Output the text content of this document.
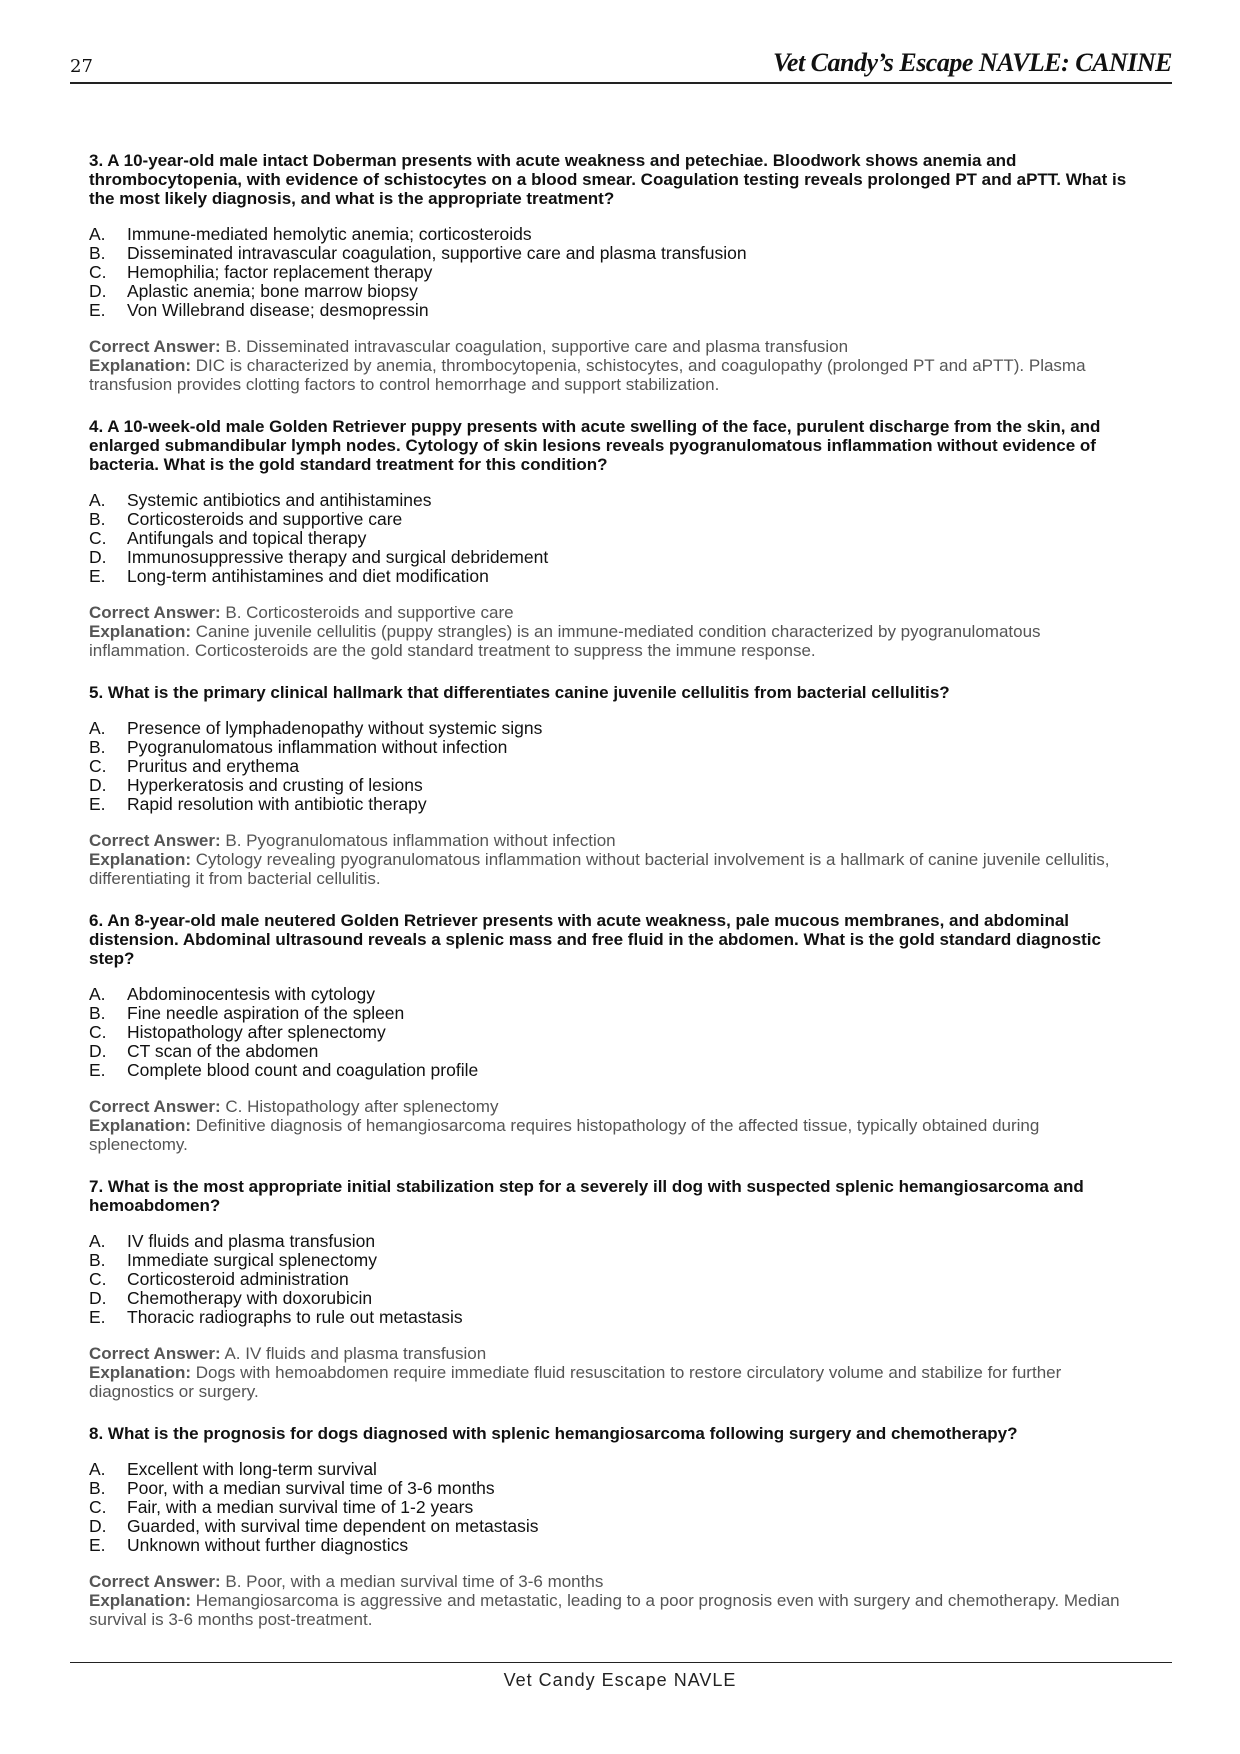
27	Vet Candy’s Escape NAVLE: CANINE

3. A 10-year-old male intact Doberman presents with acute weakness and petechiae. Bloodwork shows anemia and thrombocytopenia, with evidence of schistocytes on a blood smear. Coagulation testing reveals prolonged PT and aPTT. What is the most likely diagnosis, and what is the appropriate treatment?

A.	Immune-mediated hemolytic anemia; corticosteroids
B.	Disseminated intravascular coagulation, supportive care and plasma transfusion
C.	Hemophilia; factor replacement therapy
D.	Aplastic anemia; bone marrow biopsy
E.	Von Willebrand disease; desmopressin

Correct Answer: B. Disseminated intravascular coagulation, supportive care and plasma transfusion

Explanation: DIC is characterized by anemia, thrombocytopenia, schistocytes, and coagulopathy (prolonged PT and aPTT). Plasma transfusion provides clotting factors to control hemorrhage and support stabilization.

4. A 10-week-old male Golden Retriever puppy presents with acute swelling of the face, purulent discharge from the skin, and enlarged submandibular lymph nodes. Cytology of skin lesions reveals pyogranulomatous inflammation without evidence of bacteria. What is the gold standard treatment for this condition?

A.	Systemic antibiotics and antihistamines
B.	Corticosteroids and supportive care
C.	Antifungals and topical therapy
D.	Immunosuppressive therapy and surgical debridement
E.	Long-term antihistamines and diet modification

Correct Answer: B. Corticosteroids and supportive care

Explanation: Canine juvenile cellulitis (puppy strangles) is an immune-mediated condition characterized by pyogranulomatous inflammation. Corticosteroids are the gold standard treatment to suppress the immune response.

5. What is the primary clinical hallmark that differentiates canine juvenile cellulitis from bacterial cellulitis?

A.	Presence of lymphadenopathy without systemic signs
B.	Pyogranulomatous inflammation without infection
C.	Pruritus and erythema
D.	Hyperkeratosis and crusting of lesions
E.	Rapid resolution with antibiotic therapy

Correct Answer: B. Pyogranulomatous inflammation without infection

Explanation: Cytology revealing pyogranulomatous inflammation without bacterial involvement is a hallmark of canine juvenile cellulitis, differentiating it from bacterial cellulitis.

6. An 8-year-old male neutered Golden Retriever presents with acute weakness, pale mucous membranes, and abdominal distension. Abdominal ultrasound reveals a splenic mass and free fluid in the abdomen. What is the gold standard diagnostic step?

A.	Abdominocentesis with cytology
B.	Fine needle aspiration of the spleen
C.	Histopathology after splenectomy
D.	CT scan of the abdomen
E.	Complete blood count and coagulation profile

Correct Answer: C. Histopathology after splenectomy

Explanation: Definitive diagnosis of hemangiosarcoma requires histopathology of the affected tissue, typically obtained during splenectomy.

7. What is the most appropriate initial stabilization step for a severely ill dog with suspected splenic hemangiosarcoma and hemoabdomen?

A.	IV fluids and plasma transfusion
B.	Immediate surgical splenectomy
C.	Corticosteroid administration
D.	Chemotherapy with doxorubicin
E.	Thoracic radiographs to rule out metastasis

Correct Answer: A. IV fluids and plasma transfusion

Explanation: Dogs with hemoabdomen require immediate fluid resuscitation to restore circulatory volume and stabilize for further diagnostics or surgery.

8. What is the prognosis for dogs diagnosed with splenic hemangiosarcoma following surgery and chemotherapy?

A.	Excellent with long-term survival
B.	Poor, with a median survival time of 3-6 months
C.	Fair, with a median survival time of 1-2 years
D.	Guarded, with survival time dependent on metastasis
E.	Unknown without further diagnostics

Correct Answer: B. Poor, with a median survival time of 3-6 months

Explanation: Hemangiosarcoma is aggressive and metastatic, leading to a poor prognosis even with surgery and chemotherapy. Median survival is 3-6 months post-treatment.

Vet Candy Escape NAVLE
